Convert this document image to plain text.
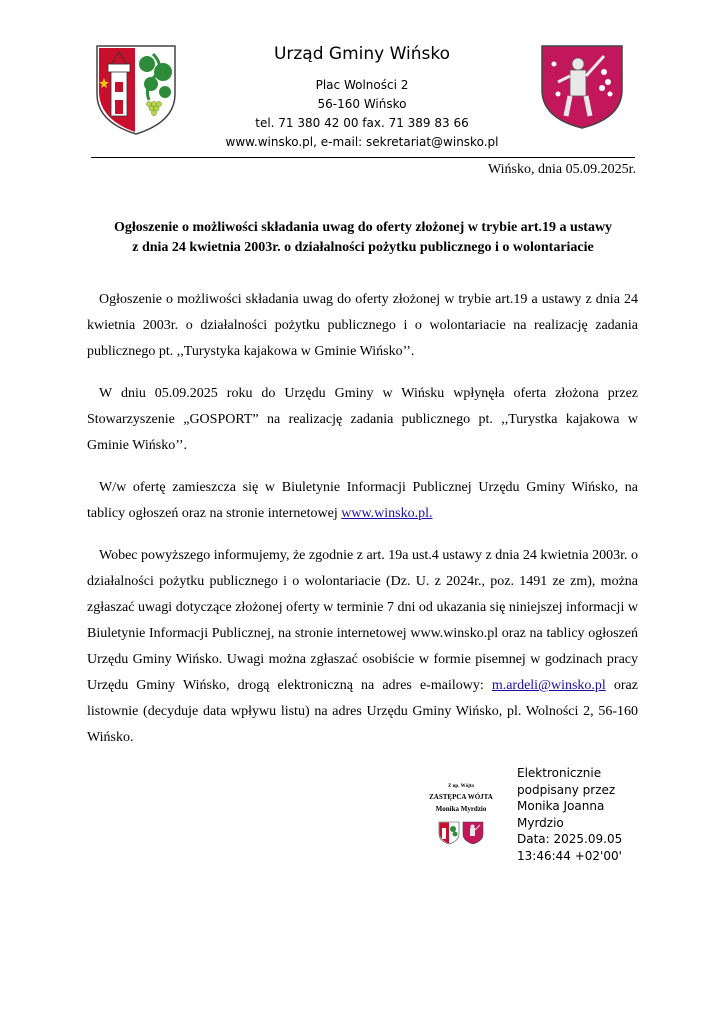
Urząd Gminy Wińsko
Plac Wolności 2
56-160 Wińsko
tel. 71 380 42 00 fax. 71 389 83 66
www.winsko.pl, e-mail: sekretariat@winsko.pl
Wińsko, dnia 05.09.2025r.
Ogłoszenie o możliwości składania uwag do oferty złożonej w trybie art.19 a ustawy
z dnia 24 kwietnia 2003r. o działalności pożytku publicznego i o wolontariacie

Ogłoszenie o możliwości składania uwag do oferty złożonej w trybie art.19 a ustawy z dnia 24 kwietnia 2003r. o działalności pożytku publicznego i o wolontariacie na realizację zadania publicznego pt. ,,Turystyka kajakowa w Gminie Wińsko’’.

W dniu 05.09.2025 roku do Urzędu Gminy w Wińsku wpłynęła oferta złożona przez Stowarzyszenie „GOSPORT” na realizację zadania publicznego pt. ,,Turystka kajakowa w Gminie Wińsko’’.

W/w ofertę zamieszcza się w Biuletynie Informacji Publicznej Urzędu Gminy Wińsko, na tablicy ogłoszeń oraz na stronie internetowej www.winsko.pl.

Wobec powyższego informujemy, że zgodnie z art. 19a ust.4 ustawy z dnia 24 kwietnia 2003r. o działalności pożytku publicznego i o wolontariacie (Dz. U. z 2024r., poz. 1491 ze zm), można zgłaszać uwagi dotyczące złożonej oferty w terminie 7 dni od ukazania się niniejszej informacji w Biuletynie Informacji Publicznej, na stronie internetowej www.winsko.pl oraz na tablicy ogłoszeń Urzędu Gminy Wińsko. Uwagi można zgłaszać osobiście w formie pisemnej w godzinach pracy Urzędu Gminy Wińsko, drogą elektroniczną na adres e-mailowy: m.ardeli@winsko.pl oraz listownie (decyduje data wpływu listu) na adres Urzędu Gminy Wińsko, pl. Wolności 2, 56-160 Wińsko.

Z up. Wójta
ZASTĘPCA WÓJTA
Monika Myrdzio
Elektronicznie
podpisany przez
Monika Joanna
Myrdzio
Data: 2025.09.05
13:46:44 +02'00'
